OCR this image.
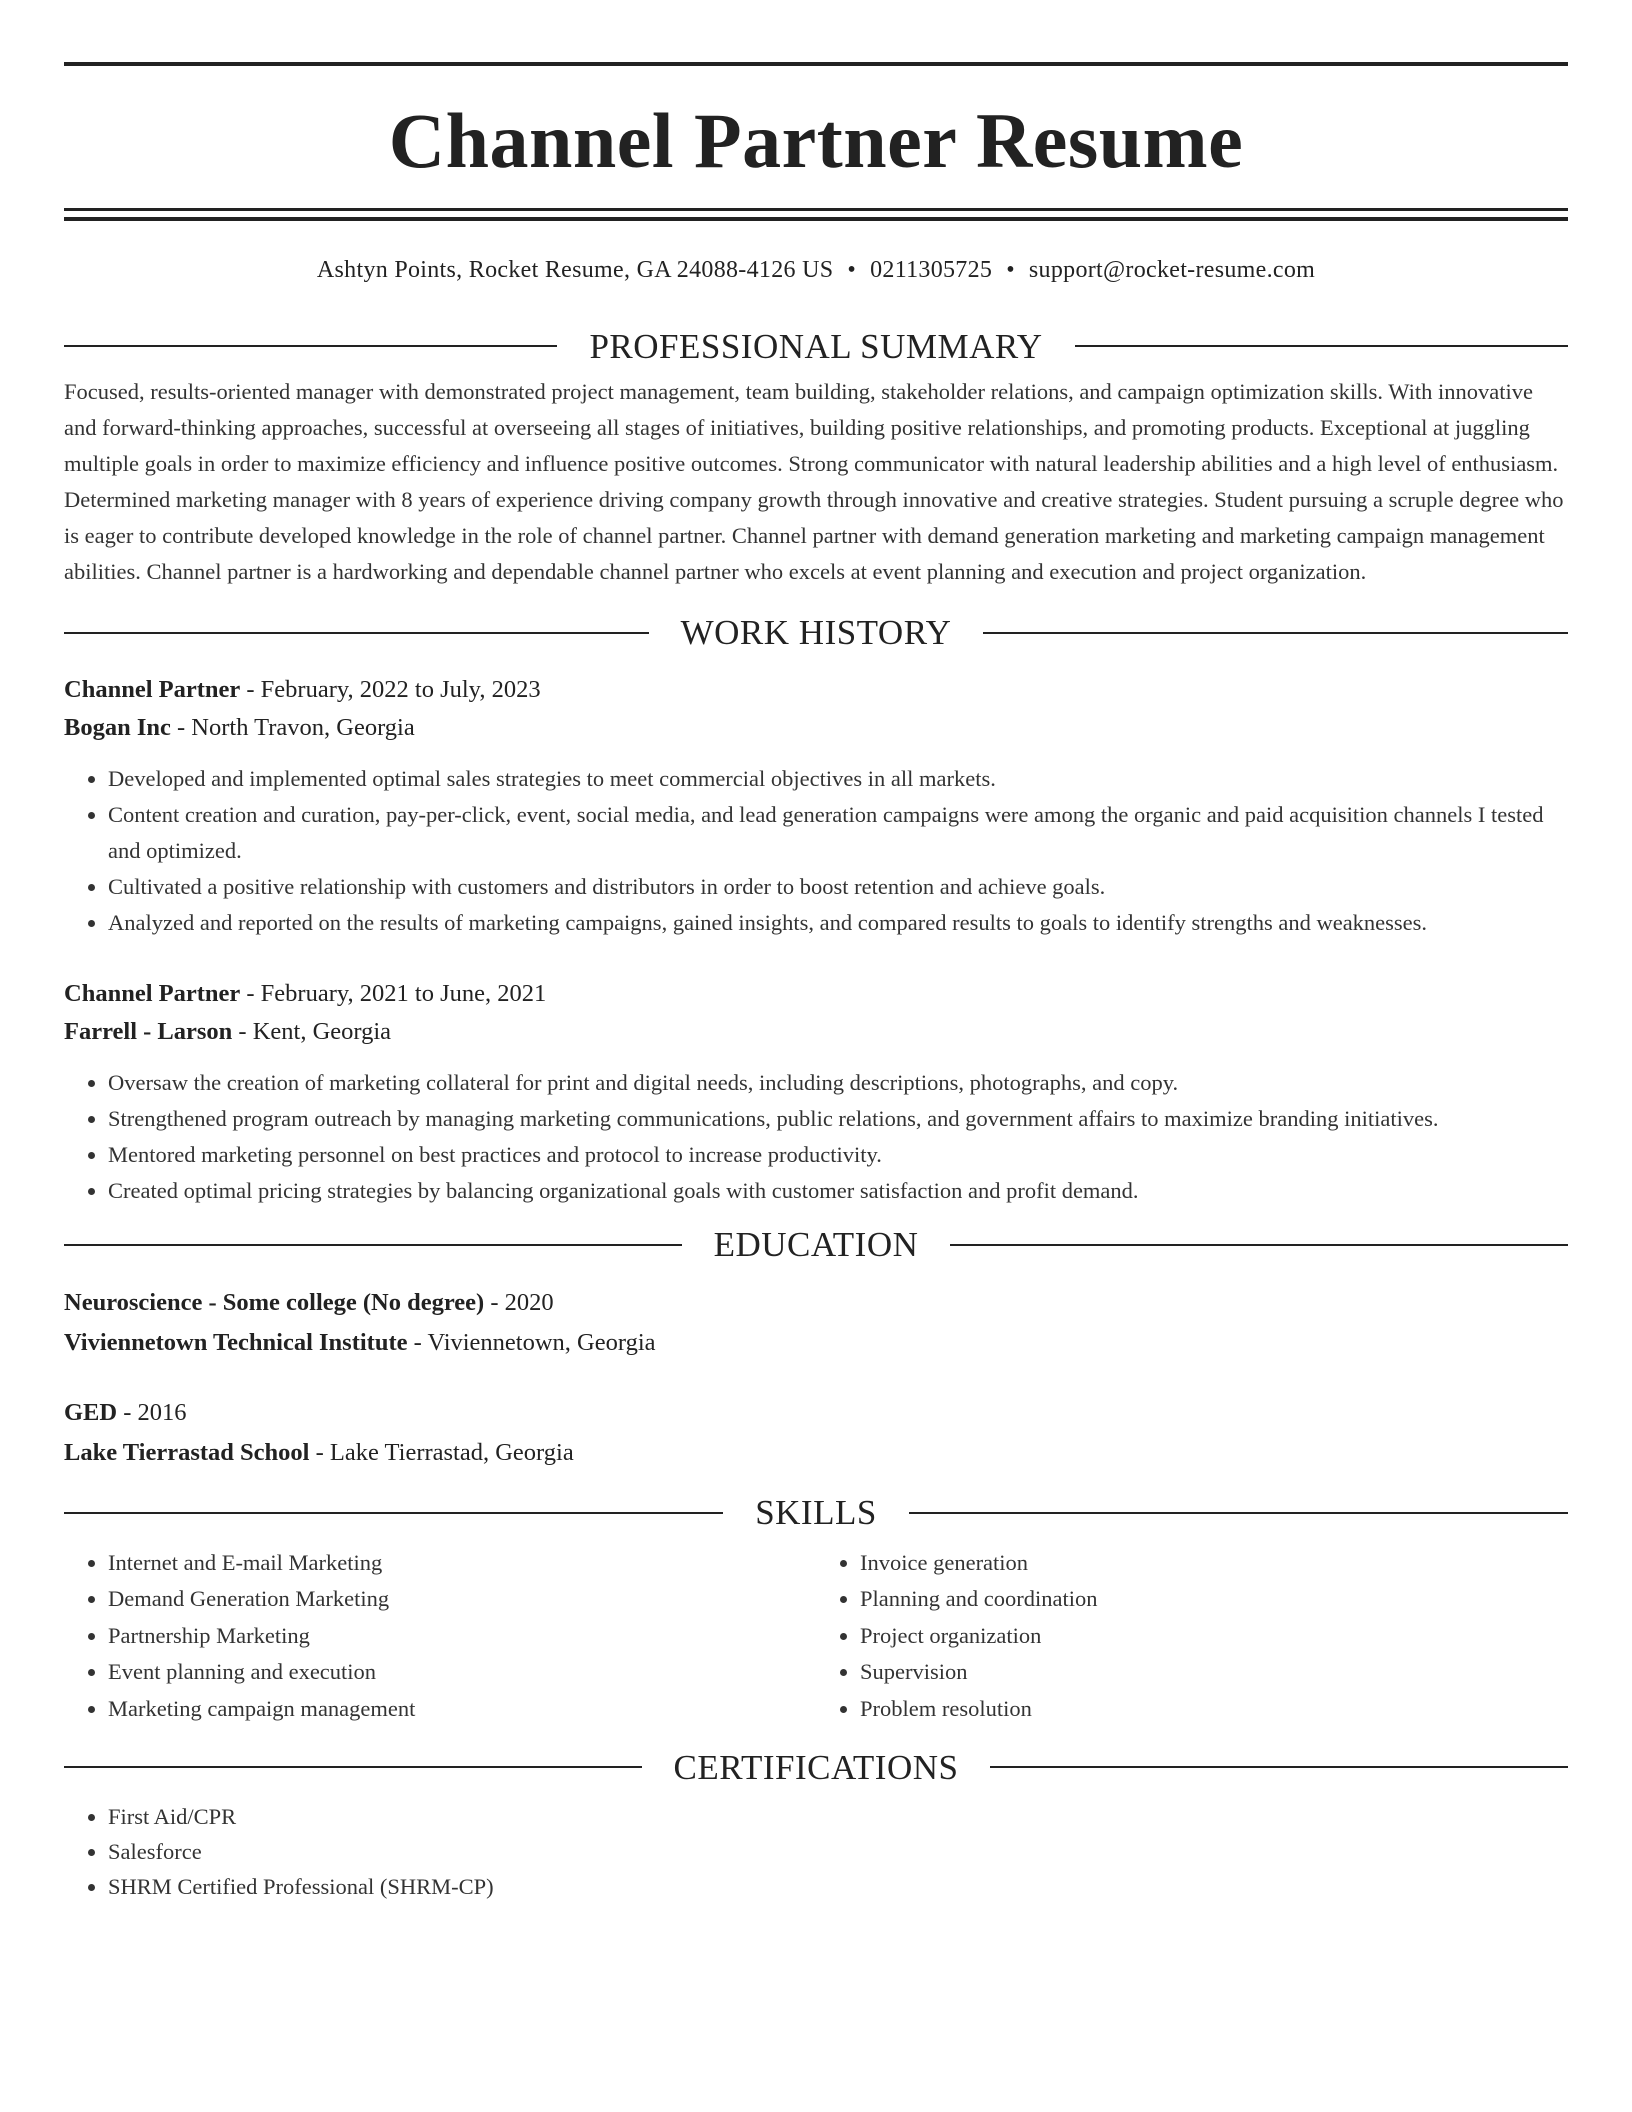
Channel Partner Resume
Ashtyn Points, Rocket Resume, GA 24088-4126 US • 0211305725 • support@rocket-resume.com
PROFESSIONAL SUMMARY

Focused, results-oriented manager with demonstrated project management, team building, stakeholder relations, and campaign optimization skills. With innovative and forward-thinking approaches, successful at overseeing all stages of initiatives, building positive relationships, and promoting products. Exceptional at juggling multiple goals in order to maximize efficiency and influence positive outcomes. Strong communicator with natural leadership abilities and a high level of enthusiasm. Determined marketing manager with 8 years of experience driving company growth through innovative and creative strategies. Student pursuing a scruple degree who is eager to contribute developed knowledge in the role of channel partner. Channel partner with demand generation marketing and marketing campaign management abilities. Channel partner is a hardworking and dependable channel partner who excels at event planning and execution and project organization.

WORK HISTORY
Channel Partner - February, 2022 to July, 2023
Bogan Inc - North Travon, Georgia
• Developed and implemented optimal sales strategies to meet commercial objectives in all markets.
• Content creation and curation, pay-per-click, event, social media, and lead generation campaigns were among the organic and paid acquisition channels I tested and optimized.
• Cultivated a positive relationship with customers and distributors in order to boost retention and achieve goals.
• Analyzed and reported on the results of marketing campaigns, gained insights, and compared results to goals to identify strengths and weaknesses.
Channel Partner - February, 2021 to June, 2021
Farrell - Larson - Kent, Georgia
• Oversaw the creation of marketing collateral for print and digital needs, including descriptions, photographs, and copy.
• Strengthened program outreach by managing marketing communications, public relations, and government affairs to maximize branding initiatives.
• Mentored marketing personnel on best practices and protocol to increase productivity.
• Created optimal pricing strategies by balancing organizational goals with customer satisfaction and profit demand.
EDUCATION
Neuroscience - Some college (No degree) - 2020
Viviennetown Technical Institute - Viviennetown, Georgia
GED - 2016
Lake Tierrastad School - Lake Tierrastad, Georgia
SKILLS
• Internet and E-mail Marketing
• Demand Generation Marketing
• Partnership Marketing
• Event planning and execution
• Marketing campaign management
• Invoice generation
• Planning and coordination
• Project organization
• Supervision
• Problem resolution
CERTIFICATIONS
• First Aid/CPR
• Salesforce
• SHRM Certified Professional (SHRM-CP)
